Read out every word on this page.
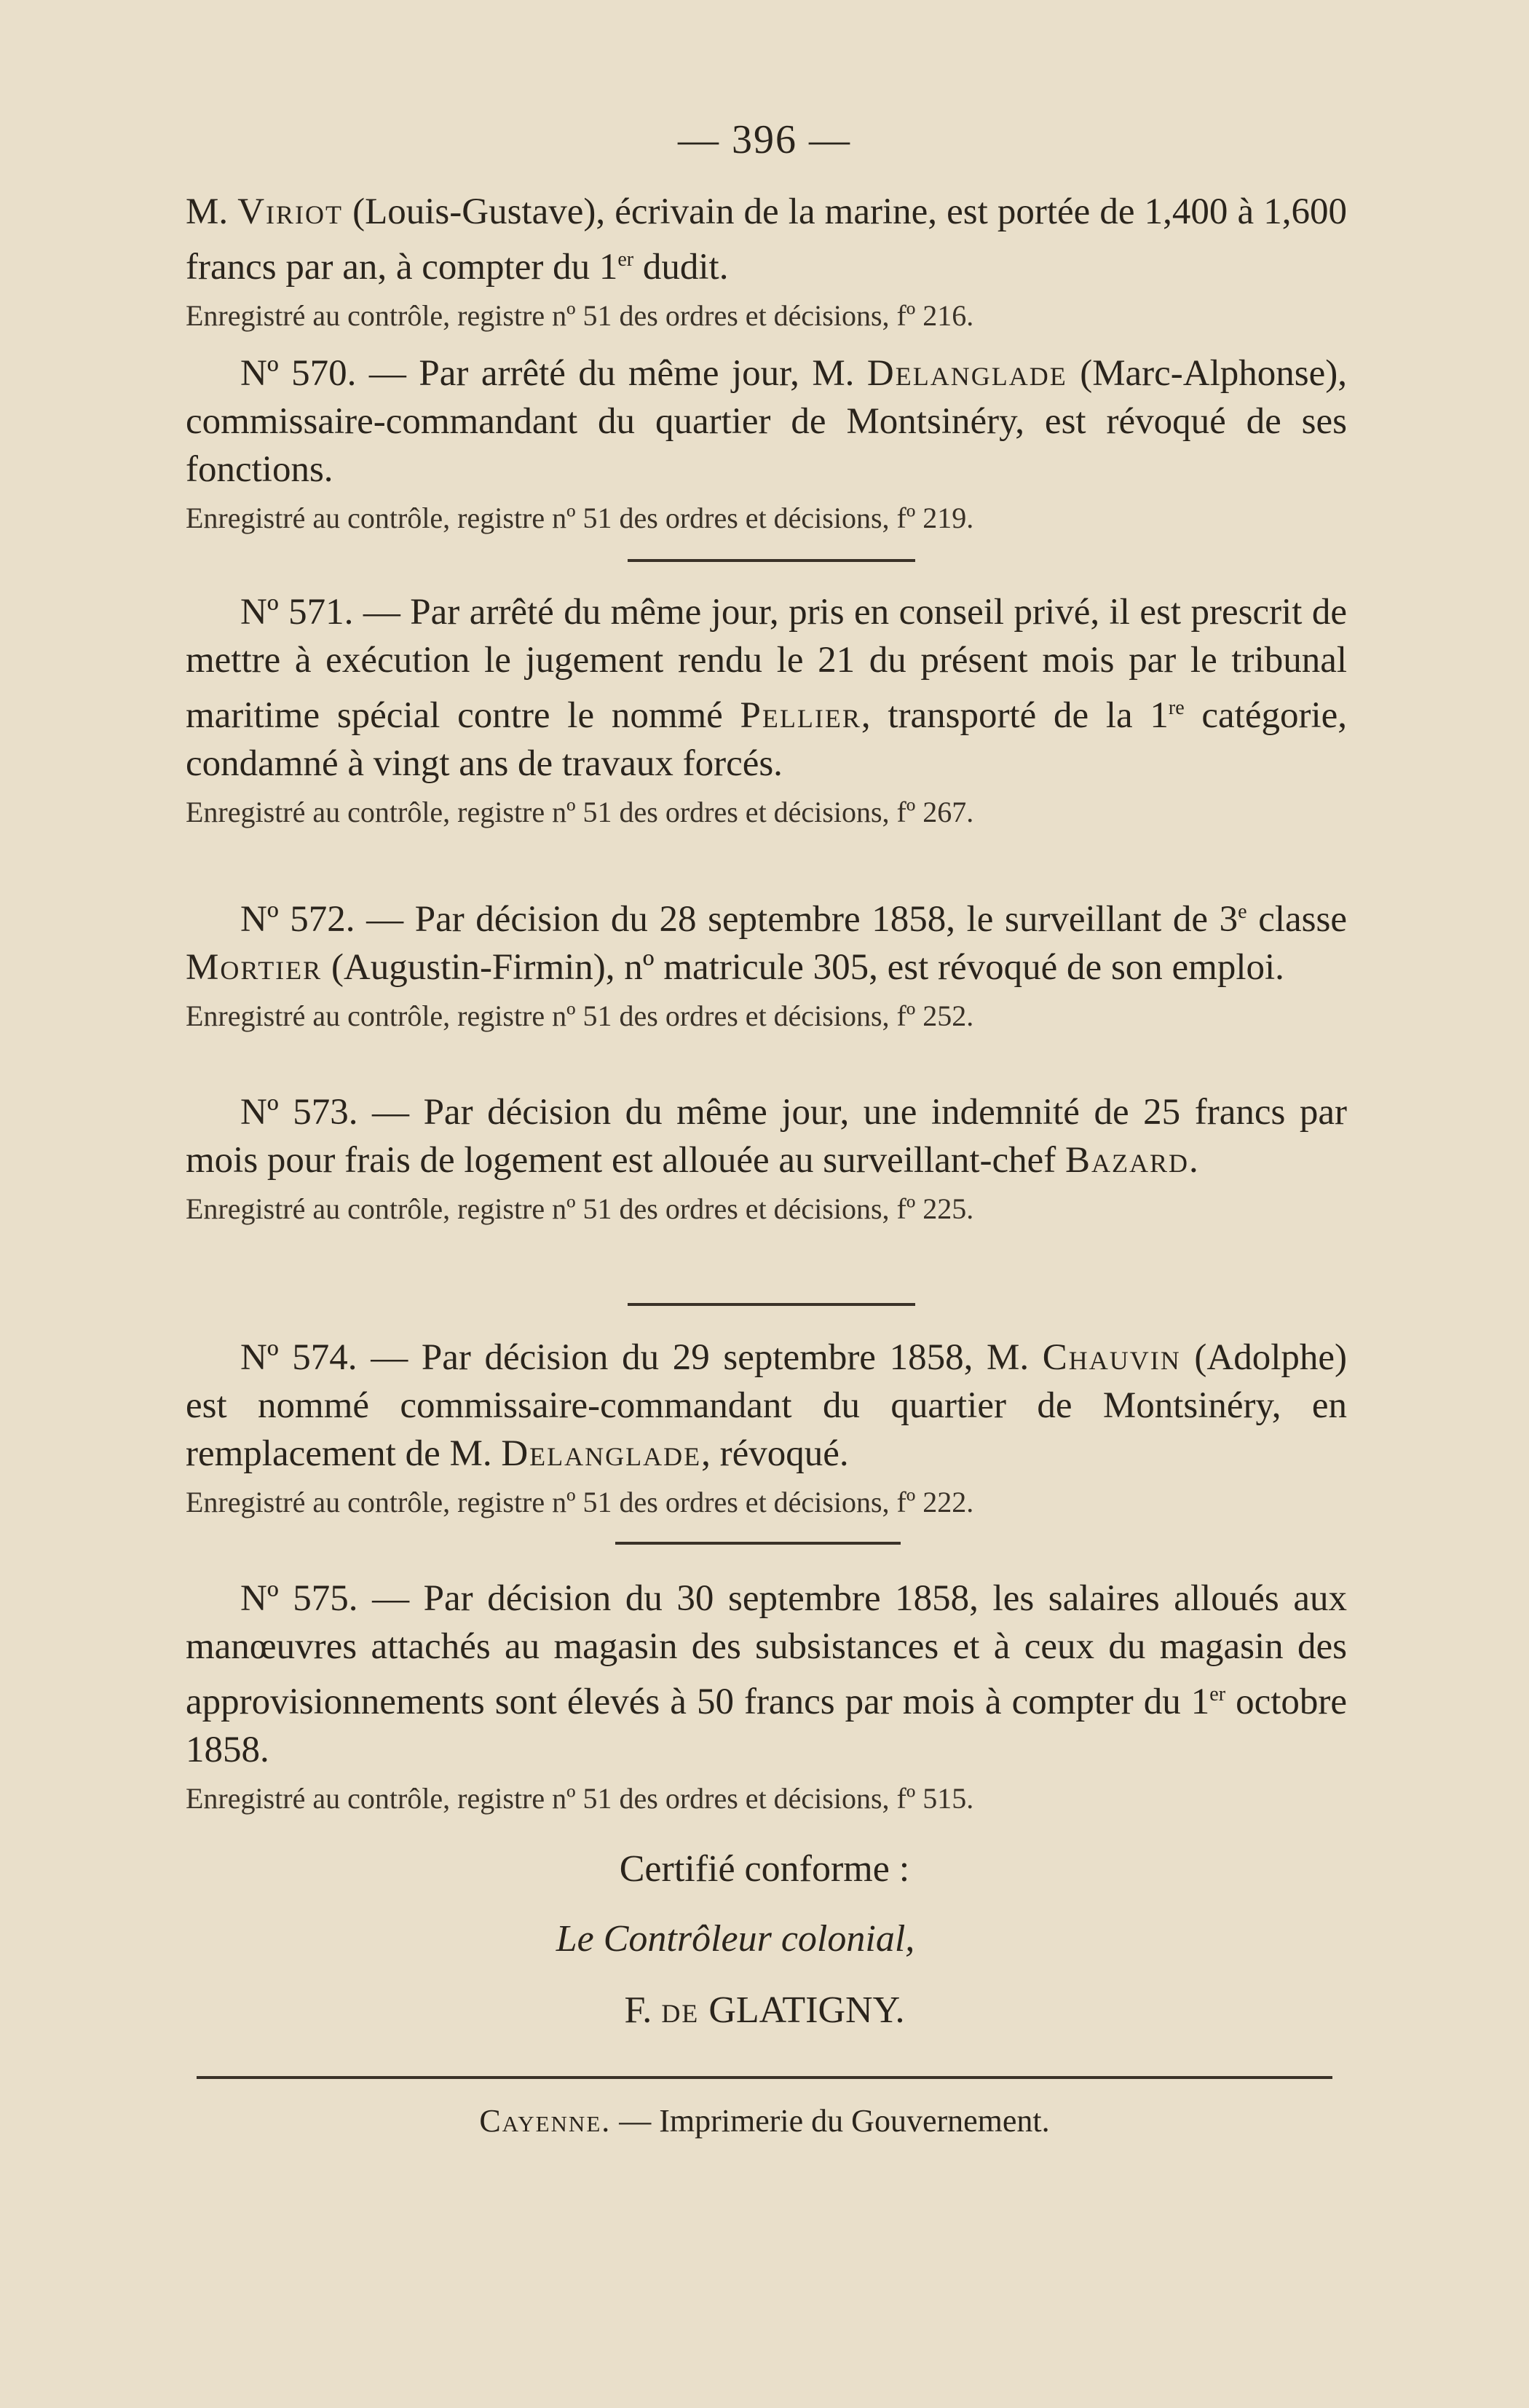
— 396 —

M. Viriot (Louis-Gustave), écrivain de la marine, est portée de 1,400 à 1,600 francs par an, à compter du 1er dudit.

Enregistré au contrôle, registre nº 51 des ordres et décisions, fº 216.

Nº 570. — Par arrêté du même jour, M. Delanglade (Marc-Alphonse), commissaire-commandant du quartier de Montsinéry, est révoqué de ses fonctions.

Enregistré au contrôle, registre nº 51 des ordres et décisions, fº 219.

Nº 571. — Par arrêté du même jour, pris en conseil privé, il est prescrit de mettre à exécution le jugement rendu le 21 du présent mois par le tribunal maritime spécial contre le nommé Pellier, transporté de la 1re catégorie, condamné à vingt ans de travaux forcés.

Enregistré au contrôle, registre nº 51 des ordres et décisions, fº 267.

Nº 572. — Par décision du 28 septembre 1858, le surveillant de 3e classe Mortier (Augustin-Firmin), nº matricule 305, est révoqué de son emploi.

Enregistré au contrôle, registre nº 51 des ordres et décisions, fº 252.

Nº 573. — Par décision du même jour, une indemnité de 25 francs par mois pour frais de logement est allouée au surveillant-chef Bazard.

Enregistré au contrôle, registre nº 51 des ordres et décisions, fº 225.

Nº 574. — Par décision du 29 septembre 1858, M. Chauvin (Adolphe) est nommé commissaire-commandant du quartier de Montsinéry, en remplacement de M. Delanglade, révoqué.

Enregistré au contrôle, registre nº 51 des ordres et décisions, fº 222.

Nº 575. — Par décision du 30 septembre 1858, les salaires alloués aux manœuvres attachés au magasin des subsistances et à ceux du magasin des approvisionnements sont élevés à 50 francs par mois à compter du 1er octobre 1858.

Enregistré au contrôle, registre nº 51 des ordres et décisions, fº 515.
Certifié conforme :
Le Contrôleur colonial,
F. de GLATIGNY.
Cayenne. — Imprimerie du Gouvernement.
